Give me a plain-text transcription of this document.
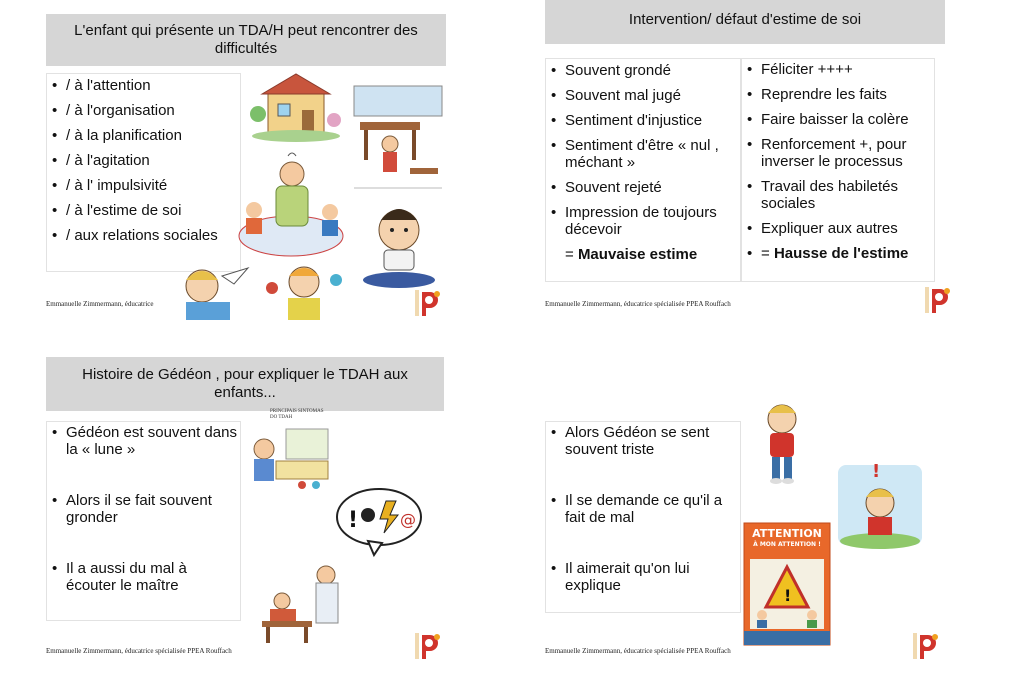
L'enfant qui présente un TDA/H peut rencontrer des difficultés
• / à l'attention
• / à l'organisation
• / à la planification
• / à l'agitation
• / à l' impulsivité
• / à l'estime de soi
• / aux relations sociales
Emmanuelle Zimmermann, éducatrice
Intervention/ défaut d'estime de soi
• Souvent grondé
• Souvent mal jugé
• Sentiment d'injustice
• Sentiment d'être « nul , méchant »
• Souvent rejeté
• Impression de toujours décevoir
= Mauvaise estime
• Féliciter ++++
• Reprendre les faits
• Faire baisser la colère
• Renforcement +, pour inverser le processus
• Travail des habiletés sociales
• Expliquer aux autres
• = Hausse de l'estime
Emmanuelle Zimmermann, éducatrice spécialisée PPEA Rouffach
Histoire de Gédéon , pour expliquer le TDAH aux enfants...
• Gédéon est souvent dans la « lune »
• Alors il se fait souvent gronder
• Il a aussi du mal à écouter le maître
PRINCIPAIS SINTOMAS DO TDAH
!	@
Emmanuelle Zimmermann, éducatrice spécialisée PPEA Rouffach
• Alors Gédéon se sent souvent triste
• Il se demande ce qu'il a fait de mal
• Il aimerait qu'on lui explique
!
!
ATTENTION
À MON ATTENTION !
Emmanuelle Zimmermann, éducatrice spécialisée PPEA Rouffach
